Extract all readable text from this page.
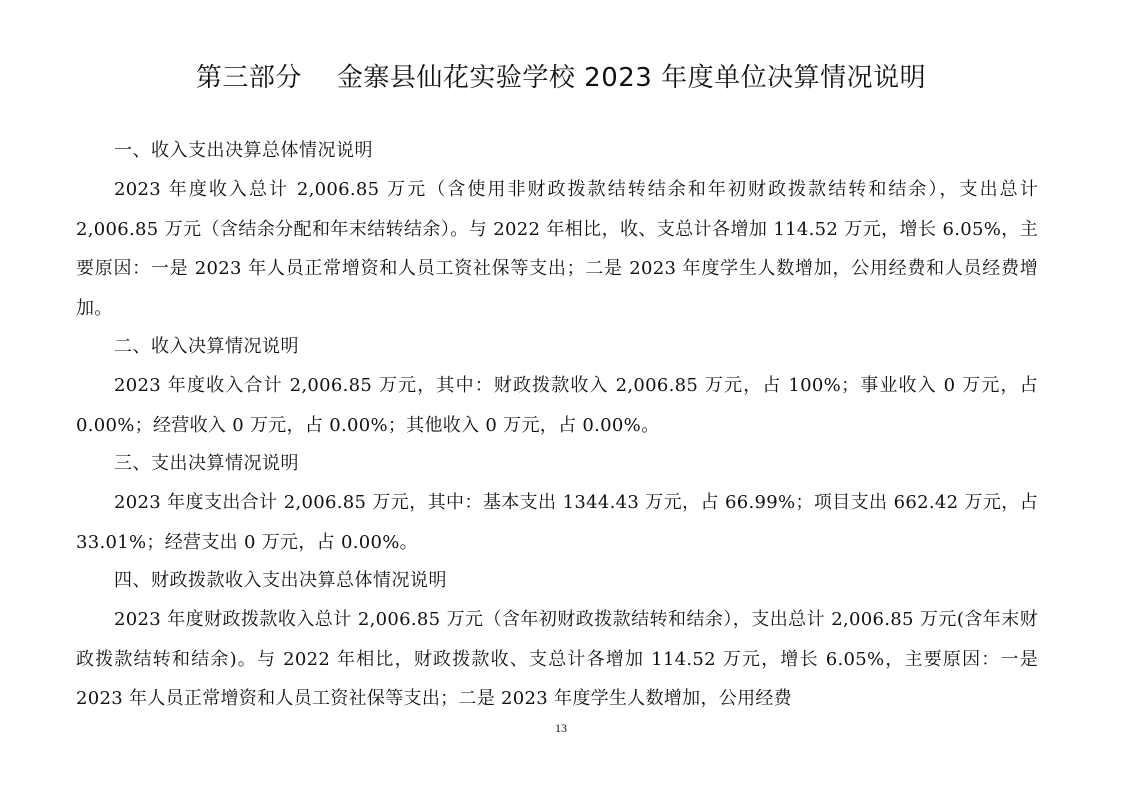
第三部分    金寨县仙花实验学校 2023 年度单位决算情况说明
一、收入支出决算总体情况说明

2023 年度收入总计 2,006.85 万元（含使用非财政拨款结转结余和年初财政拨款结转和结余），支出总计 2,006.85 万元（含结余分配和年末结转结余）。与 2022 年相比，收、支总计各增加 114.52 万元，增长 6.05%，主要原因：一是 2023 年人员正常增资和人员工资社保等支出；二是 2023 年度学生人数增加，公用经费和人员经费增加。

二、收入决算情况说明

2023 年度收入合计 2,006.85 万元，其中：财政拨款收入 2,006.85 万元，占 100%；事业收入 0 万元，占 0.00%；经营收入 0 万元，占 0.00%；其他收入 0 万元，占 0.00%。

三、支出决算情况说明

2023 年度支出合计 2,006.85 万元，其中：基本支出 1344.43 万元，占 66.99%；项目支出 662.42 万元，占 33.01%；经营支出 0 万元，占 0.00%。

四、财政拨款收入支出决算总体情况说明

2023 年度财政拨款收入总计 2,006.85 万元（含年初财政拨款结转和结余），支出总计 2,006.85 万元(含年末财政拨款结转和结余)。与 2022 年相比，财政拨款收、支总计各增加 114.52 万元，增长 6.05%，主要原因：一是 2023 年人员正常增资和人员工资社保等支出；二是 2023 年度学生人数增加，公用经费

13
